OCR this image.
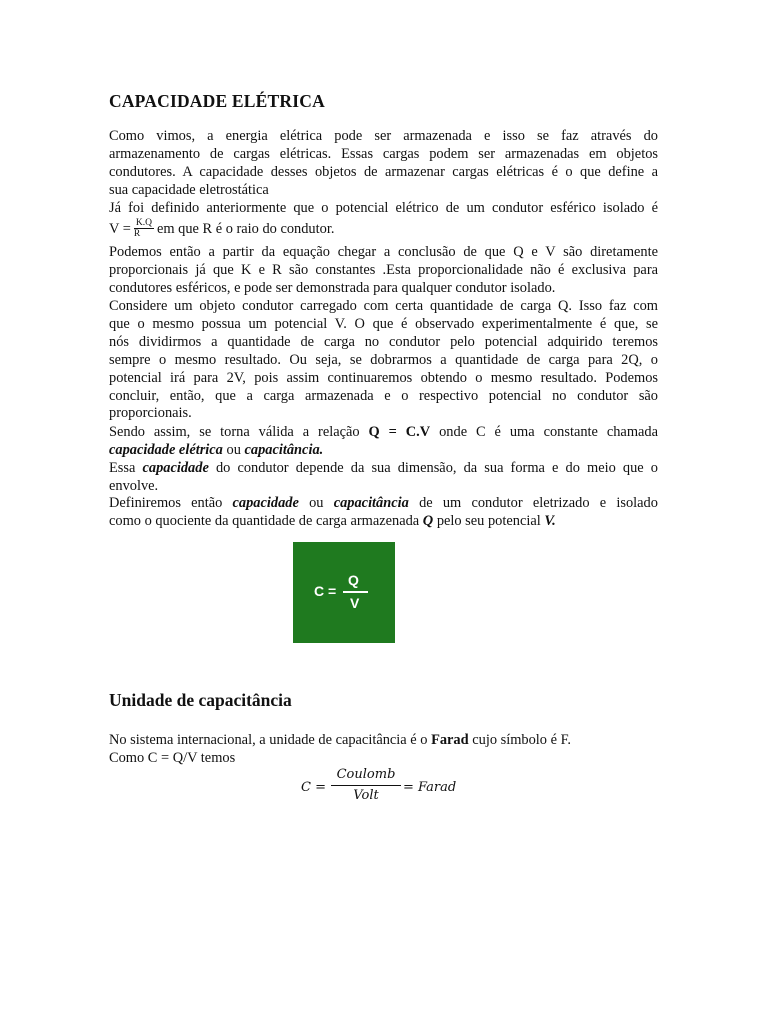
CAPACIDADE ELÉTRICA
Como vimos, a energia elétrica pode ser armazenada e isso se faz através do
armazenamento de cargas elétricas. Essas cargas podem ser armazenadas em objetos
condutores. A capacidade desses objetos de armazenar cargas elétricas é o que define a
sua capacidade eletrostática
Já foi definido anteriormente que o potencial elétrico de um condutor esférico isolado é
$V = \frac{K.Q}{R}$ em que R é o raio do condutor.
Podemos então a partir da equação chegar a conclusão de que Q e V são diretamente
proporcionais já que K e R são constantes .Esta proporcionalidade não é exclusiva para
condutores esféricos, e pode ser demonstrada para qualquer condutor isolado.
Considere um objeto condutor carregado com certa quantidade de carga Q. Isso faz com
que o mesmo possua um potencial V. O que é observado experimentalmente é que, se
nós dividirmos a quantidade de carga no condutor pelo potencial adquirido teremos
sempre o mesmo resultado. Ou seja, se dobrarmos a quantidade de carga para 2Q, o
potencial irá para 2V, pois assim continuaremos obtendo o mesmo resultado. Podemos
concluir, então, que a carga armazenada e o respectivo potencial no condutor são
proporcionais.
Sendo assim, se torna válida a relação Q = C.V onde C é uma constante chamada
capacidade elétrica ou capacitância.
Essa capacidade do condutor depende da sua dimensão, da sua forma e do meio que o
envolve.
Definiremos então capacidade ou capacitância de um condutor eletrizado e isolado
como o quociente da quantidade de carga armazenada Q pelo seu potencial V.
Unidade de capacitância
No sistema internacional, a unidade de capacitância é o Farad cujo símbolo é F.
Como C = Q/V temos
C =
Q
V
C =
Coulomb
Volt
= Farad
